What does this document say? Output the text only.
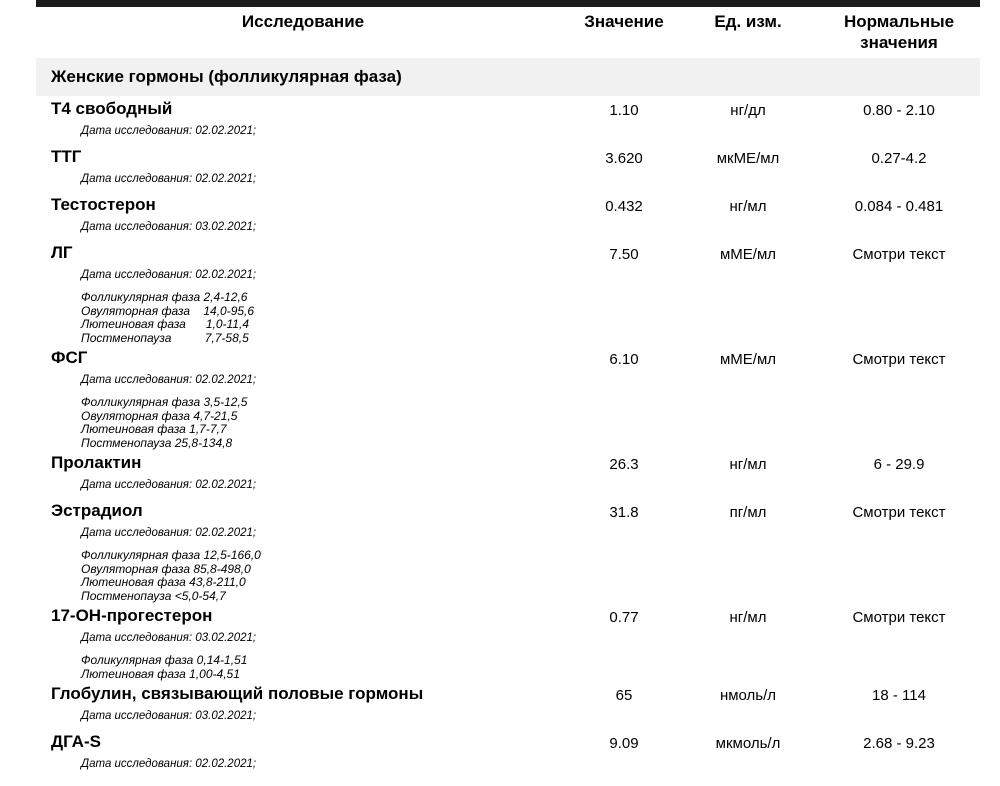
Исследование	Значение	Ед. изм.	Нормальные значения
Женские гормоны (фолликулярная фаза)
Т4 свободный	1.10	нг/дл	0.80 - 2.10
Дата исследования: 02.02.2021;
ТТГ	3.620	мкМЕ/мл	0.27-4.2
Дата исследования: 02.02.2021;
Тестостерон	0.432	нг/мл	0.084 - 0.481
Дата исследования: 03.02.2021;
ЛГ	7.50	мМЕ/мл	Смотри текст
Дата исследования: 02.02.2021;
Фолликулярная фаза 2,4-12,6
Овуляторная фаза    14,0-95,6
Лютеиновая фаза      1,0-11,4
Постменопауза          7,7-58,5
ФСГ	6.10	мМЕ/мл	Смотри текст
Дата исследования: 02.02.2021;
Фолликулярная фаза 3,5-12,5
Овуляторная фаза 4,7-21,5
Лютеиновая фаза 1,7-7,7
Постменопауза 25,8-134,8
Пролактин	26.3	нг/мл	6 - 29.9
Дата исследования: 02.02.2021;
Эстрадиол	31.8	пг/мл	Смотри текст
Дата исследования: 02.02.2021;
Фолликулярная фаза 12,5-166,0
Овуляторная фаза 85,8-498,0
Лютеиновая фаза 43,8-211,0
Постменопауза <5,0-54,7
17-ОН-прогестерон	0.77	нг/мл	Смотри текст
Дата исследования: 03.02.2021;
Фоликулярная фаза 0,14-1,51
Лютеиновая фаза 1,00-4,51
Глобулин, связывающий половые гормоны	65	нмоль/л	18 - 114
Дата исследования: 03.02.2021;
ДГА-S	9.09	мкмоль/л	2.68 - 9.23
Дата исследования: 02.02.2021;
